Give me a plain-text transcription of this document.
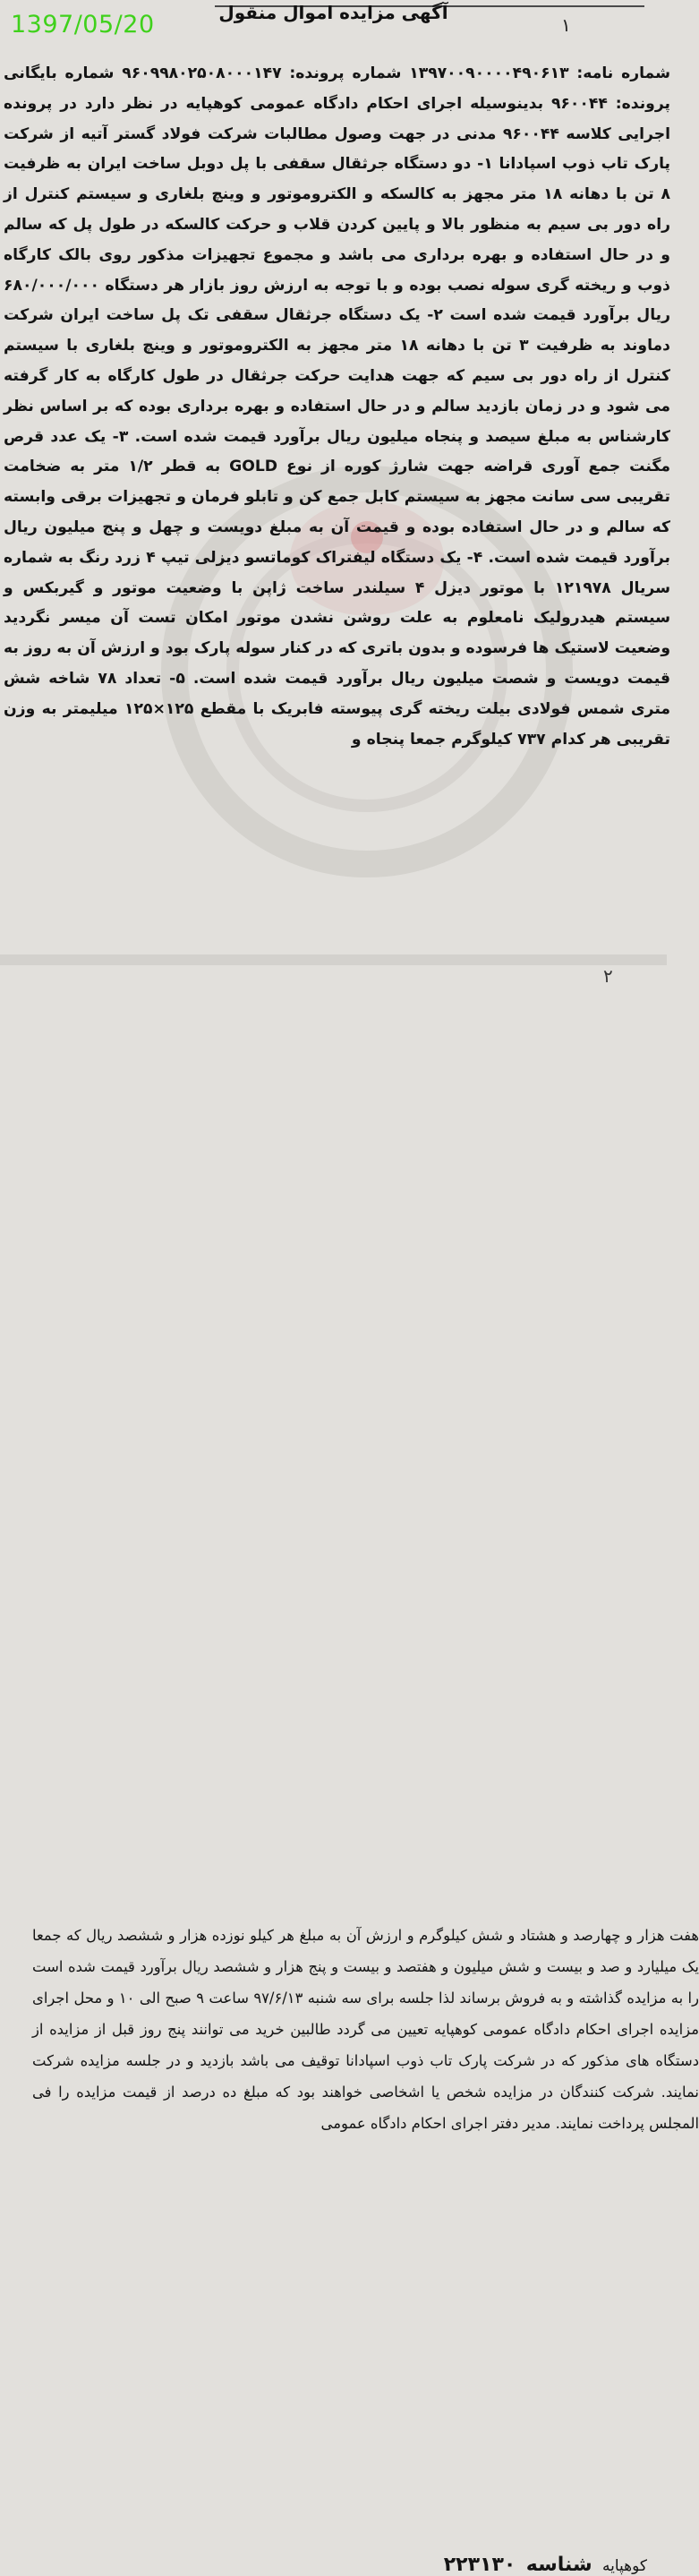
1397/05/20	آگهی مزایده اموال منقول
۱

شماره نامه: ۱۳۹۷۰۰۹۰۰۰۰۴۹۰۶۱۳ شماره پرونده: ۹۶۰۹۹۸۰۲۵۰۸۰۰۰۱۴۷ شماره بایگانی پرونده: ۹۶۰۰۴۴ بدینوسیله اجرای احکام دادگاه عمومی کوهپایه در نظر دارد در پرونده اجرایی کلاسه ۹۶۰۰۴۴ مدنی در جهت وصول مطالبات شرکت فولاد گستر آتیه از شرکت پارک تاب ذوب اسپادانا ۱- دو دستگاه جرثقال سقفی با پل دوبل ساخت ایران به ظرفیت ۸ تن با دهانه ۱۸ متر مجهز به کالسکه و الکتروموتور و وینچ بلغاری و سیستم کنترل از راه دور بی سیم به منظور بالا و پایین کردن قلاب و حرکت کالسکه در طول پل که سالم و در حال استفاده و بهره برداری می باشد و مجموع تجهیزات مذکور روی بالک کارگاه ذوب و ریخته گری سوله نصب بوده و با توجه به ارزش روز بازار هر دستگاه ۶۸۰/۰۰۰/۰۰۰ ریال برآورد قیمت شده است ۲- یک دستگاه جرثقال سقفی تک پل ساخت ایران شرکت دماوند به ظرفیت ۳ تن با دهانه ۱۸ متر مجهز به الکتروموتور و وینچ بلغاری با سیستم کنترل از راه دور بی سیم که جهت هدایت حرکت جرثقال در طول کارگاه به کار گرفته می شود و در زمان بازدید سالم و در حال استفاده و بهره برداری بوده که بر اساس نظر کارشناس به مبلغ سیصد و پنجاه میلیون ریال برآورد قیمت شده است. ۳- یک عدد قرص مگنت جمع آوری قراضه جهت شارژ کوره از نوع GOLD به قطر ۱/۲ متر به ضخامت تقریبی سی سانت مجهز به سیستم کابل جمع کن و تابلو فرمان و تجهیزات برقی وابسته که سالم و در حال استفاده بوده و قیمت آن به مبلغ دویست و چهل و پنج میلیون ریال برآورد قیمت شده است. ۴- یک دستگاه لیفتراک کوماتسو دیزلی تیپ ۴ زرد رنگ به شماره سریال ۱۲۱۹۷۸ با موتور دیزل ۴ سیلندر ساخت ژاپن با وضعیت موتور و گیربکس و سیستم هیدرولیک نامعلوم به علت روشن نشدن موتور امکان تست آن میسر نگردید وضعیت لاستیک ها فرسوده و بدون باتری که در کنار سوله پارک بود و ارزش آن به روز به قیمت دویست و شصت میلیون ریال برآورد قیمت شده است. ۵- تعداد ۷۸ شاخه شش متری شمس فولادی بیلت ریخته گری پیوسته فابریک با مقطع ۱۲۵×۱۲۵ میلیمتر به وزن تقریبی هر کدام ۷۳۷ کیلوگرم جمعا پنجاه و

۲

هفت هزار و چهارصد و هشتاد و شش کیلوگرم و ارزش آن به مبلغ هر کیلو نوزده هزار و ششصد ریال که جمعا یک میلیارد و صد و بیست و شش میلیون و هفتصد و بیست و پنج هزار و ششصد ریال برآورد قیمت شده است را به مزایده گذاشته و به فروش برساند لذا جلسه برای سه شنبه ۹۷/۶/۱۳ ساعت ۹ صبح الی ۱۰ و محل اجرای مزایده اجرای احکام دادگاه عمومی کوهپایه تعیین می گردد طالبین خرید می توانند پنج روز قبل از مزایده از دستگاه های مذکور که در شرکت پارک تاب ذوب اسپادانا توقیف می باشد بازدید و در جلسه مزایده شرکت نمایند. شرکت کنندگان در مزایده شخص یا اشخاصی خواهند بود که مبلغ ده درصد از قیمت مزایده را فی المجلس پرداخت نمایند. مدیر دفتر اجرای احکام دادگاه عمومی

کوهپایه شناسه ۲۲۳۱۳۰
